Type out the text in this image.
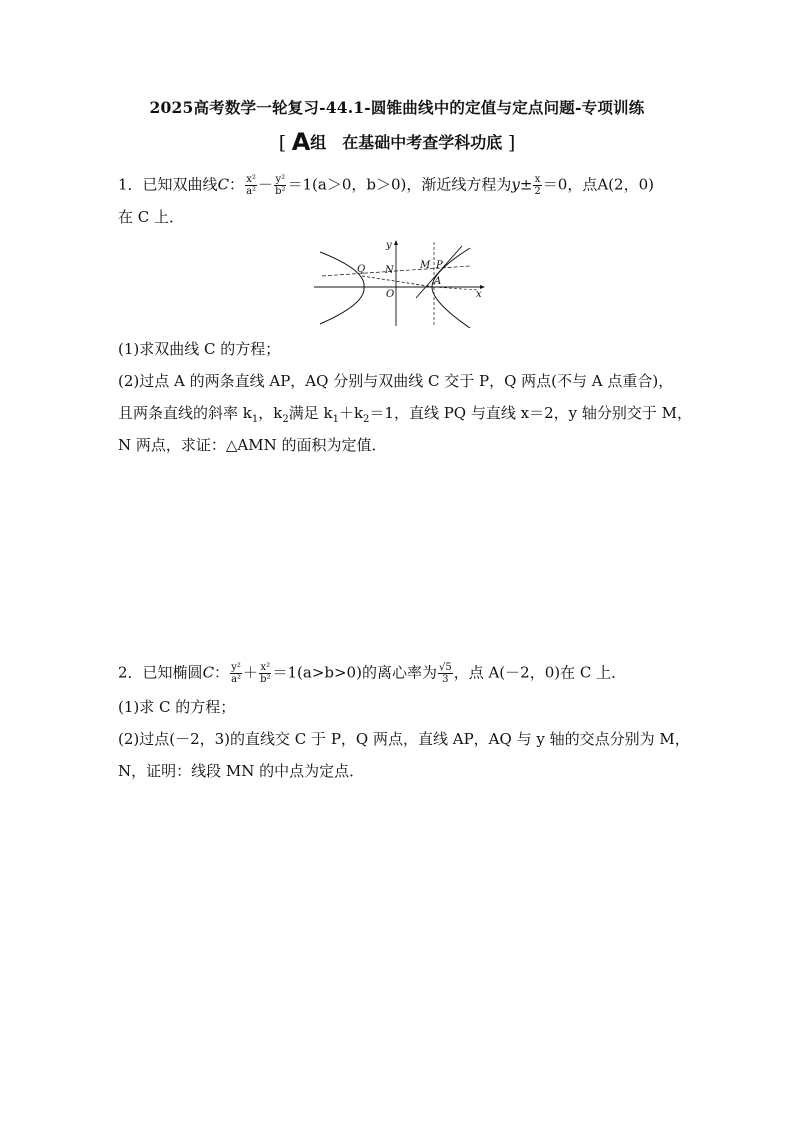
2025高考数学一轮复习-44.1-圆锥曲线中的定值与定点问题-专项训练
[ A组　在基础中考查学科功底 ]
1．已知双曲线C： $\frac{\text{x²}}{\text{a²}} - \frac{\text{y²}}{\text{b²}} =1(a>0$，b＞0)，渐近线方程为$y\pm \frac{x}{2} =0$，点A(2，0)
在 C 上．
y
x
O
Q N	M P
A
(1)求双曲线 C 的方程；
(2)过点 A 的两条直线 AP，AQ 分别与双曲线 C 交于 P，Q 两点(不与 A 点重合)，
且两条直线的斜率 $k_1$，$k_2$满足 $k_1+k_2=1$，直线 PQ 与直线 x＝2，y 轴分别交于 M，
N 两点，求证：△AMN 的面积为定值．
2．已知椭圆C： $\frac{\text{y²}}{\text{a²}} + \frac{\text{x²}}{\text{b²}} =1(a>b>0)$的离心率为 $\frac{√5}{3}$ ，点 A(－2，0)在 C 上．
(1)求 C 的方程；
(2)过点(－2，3)的直线交 C 于 P，Q 两点，直线 AP，AQ 与 y 轴的交点分别为 M，
N，证明：线段 MN 的中点为定点．
